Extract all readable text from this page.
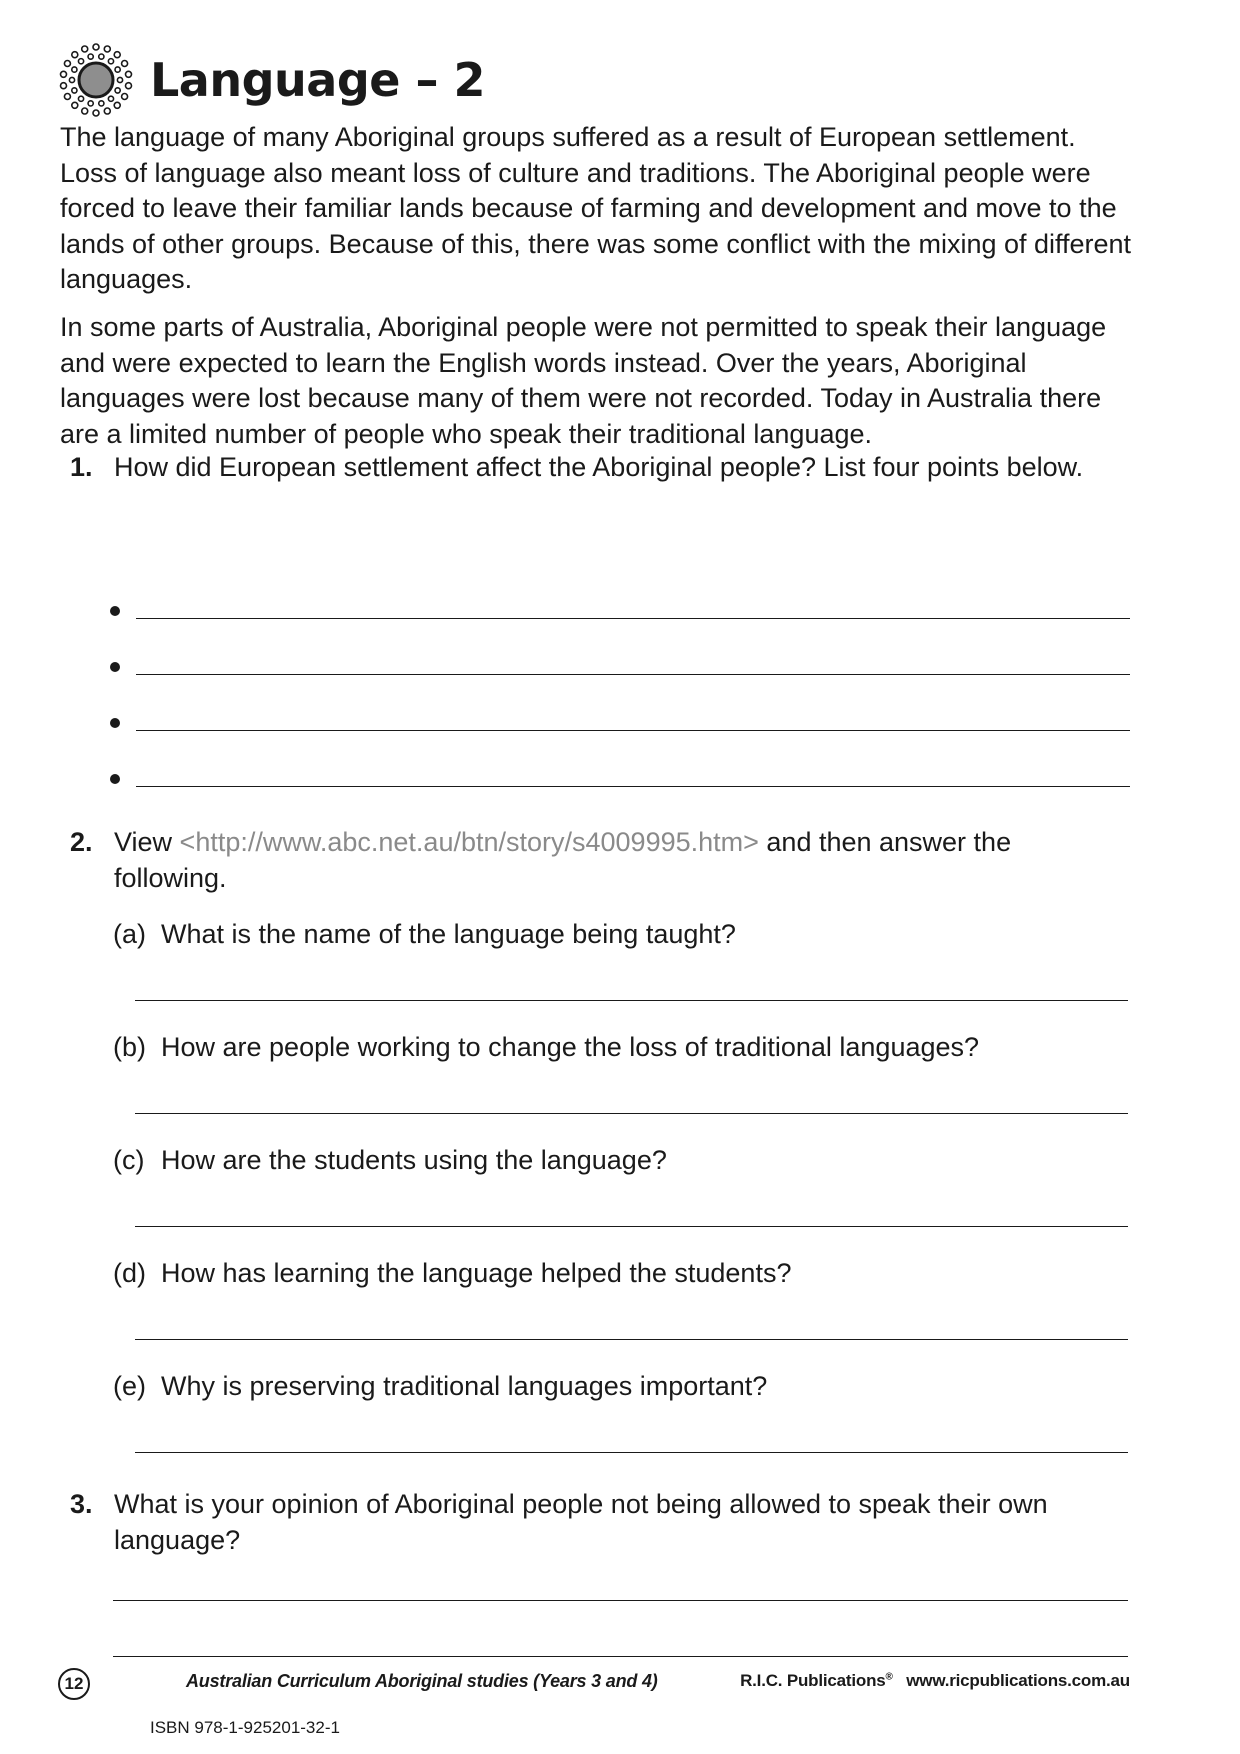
Language – 2

The language of many Aboriginal groups suffered as a result of European settlement. Loss of language also meant loss of culture and traditions. The Aboriginal people were forced to leave their familiar lands because of farming and development and move to the lands of other groups. Because of this, there was some conflict with the mixing of different languages.

In some parts of Australia, Aboriginal people were not permitted to speak their language and were expected to learn the English words instead. Over the years, Aboriginal languages were lost because many of them were not recorded. Today in Australia there are a limited number of people who speak their traditional language.

1. How did European settlement affect the Aboriginal people? List four points below.
2. View <http://www.abc.net.au/btn/story/s4009995.htm> and then answer the following.
(a) What is the name of the language being taught?
(b) How are people working to change the loss of traditional languages?
(c) How are the students using the language?
(d) How has learning the language helped the students?
(e) Why is preserving traditional languages important?
3. What is your opinion of Aboriginal people not being allowed to speak their own language?
12	Australian Curriculum Aboriginal studies (Years 3 and 4)	R.I.C. Publications® www.ricpublications.com.au
ISBN 978-1-925201-32-1
